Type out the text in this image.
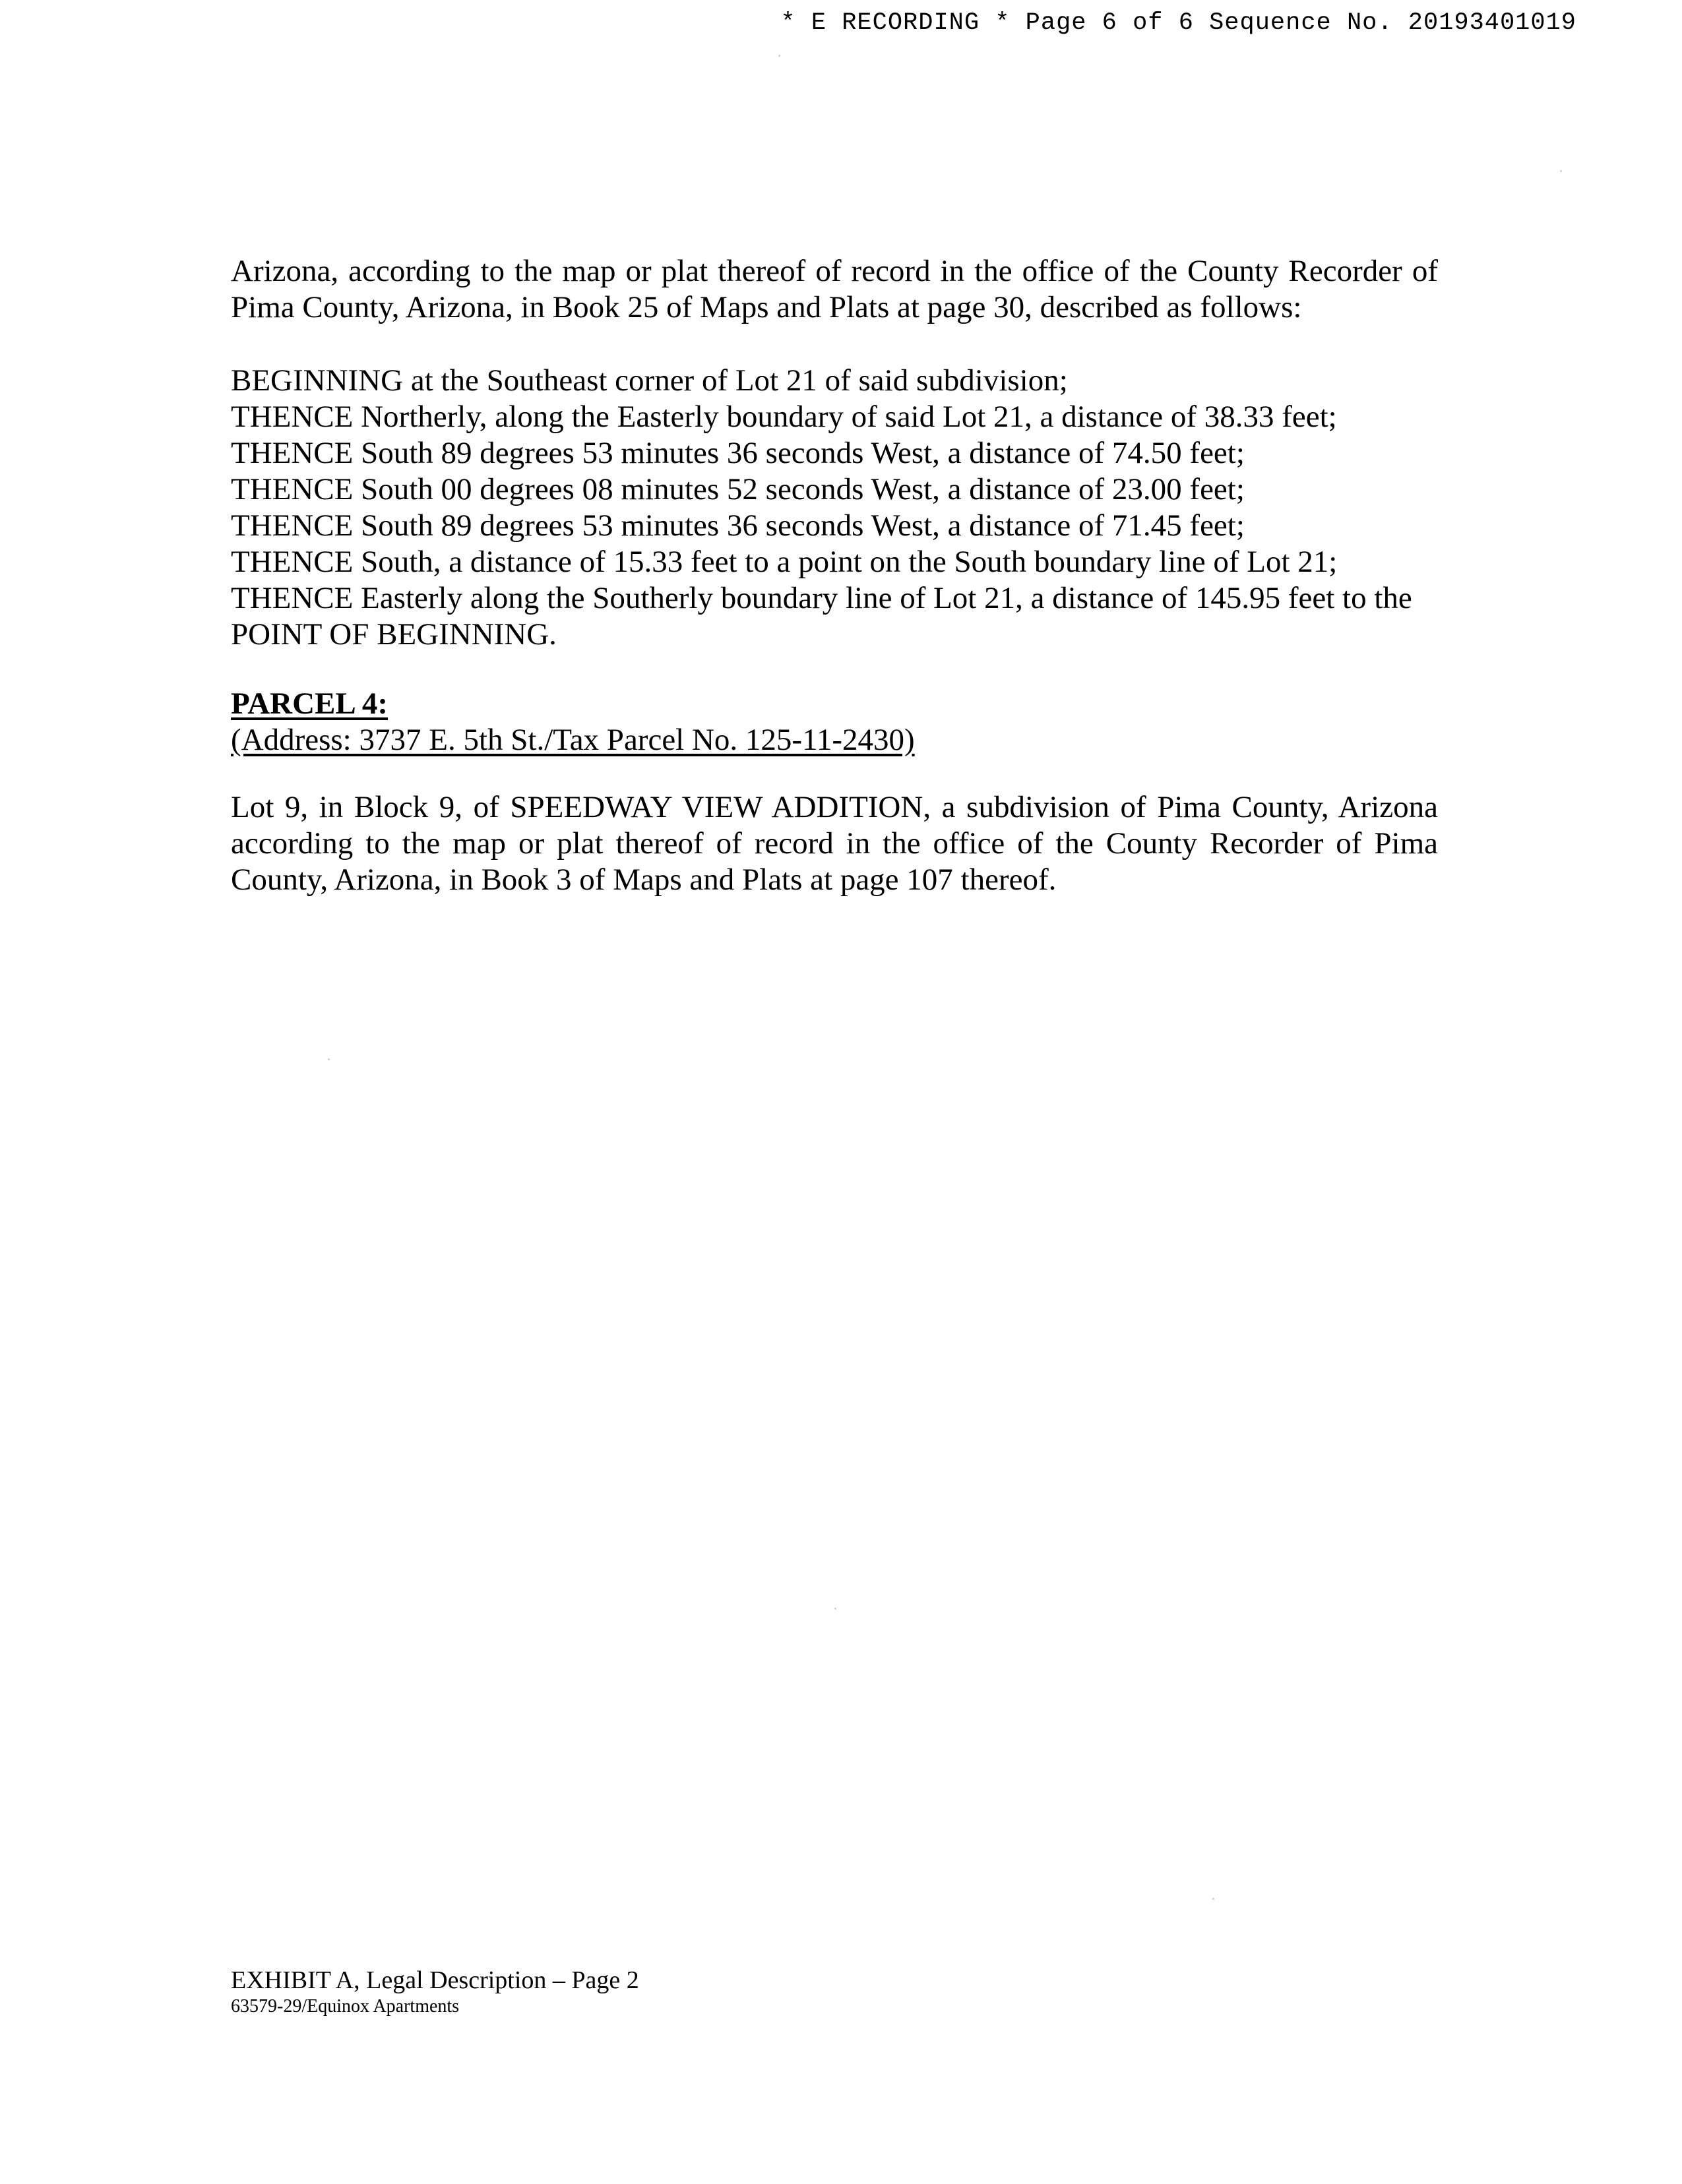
* E RECORDING * Page 6 of 6 Sequence No. 20193401019

Arizona, according to the map or plat thereof of record in the office of the County Recorder of Pima County, Arizona, in Book 25 of Maps and Plats at page 30, described as follows:

BEGINNING at the Southeast corner of Lot 21 of said subdivision;
THENCE Northerly, along the Easterly boundary of said Lot 21, a distance of 38.33 feet;
THENCE South 89 degrees 53 minutes 36 seconds West, a distance of 74.50 feet;
THENCE South 00 degrees 08 minutes 52 seconds West, a distance of 23.00 feet;
THENCE South 89 degrees 53 minutes 36 seconds West, a distance of 71.45 feet;
THENCE South, a distance of 15.33 feet to a point on the South boundary line of Lot 21;
THENCE Easterly along the Southerly boundary line of Lot 21, a distance of 145.95 feet to the
POINT OF BEGINNING.
PARCEL 4:
(Address: 3737 E. 5th St./Tax Parcel No. 125-11-2430)

Lot 9, in Block 9, of SPEEDWAY VIEW ADDITION, a subdivision of Pima County, Arizona according to the map or plat thereof of record in the office of the County Recorder of Pima County, Arizona, in Book 3 of Maps and Plats at page 107 thereof.

EXHIBIT A, Legal Description – Page 2
63579-29/Equinox Apartments
